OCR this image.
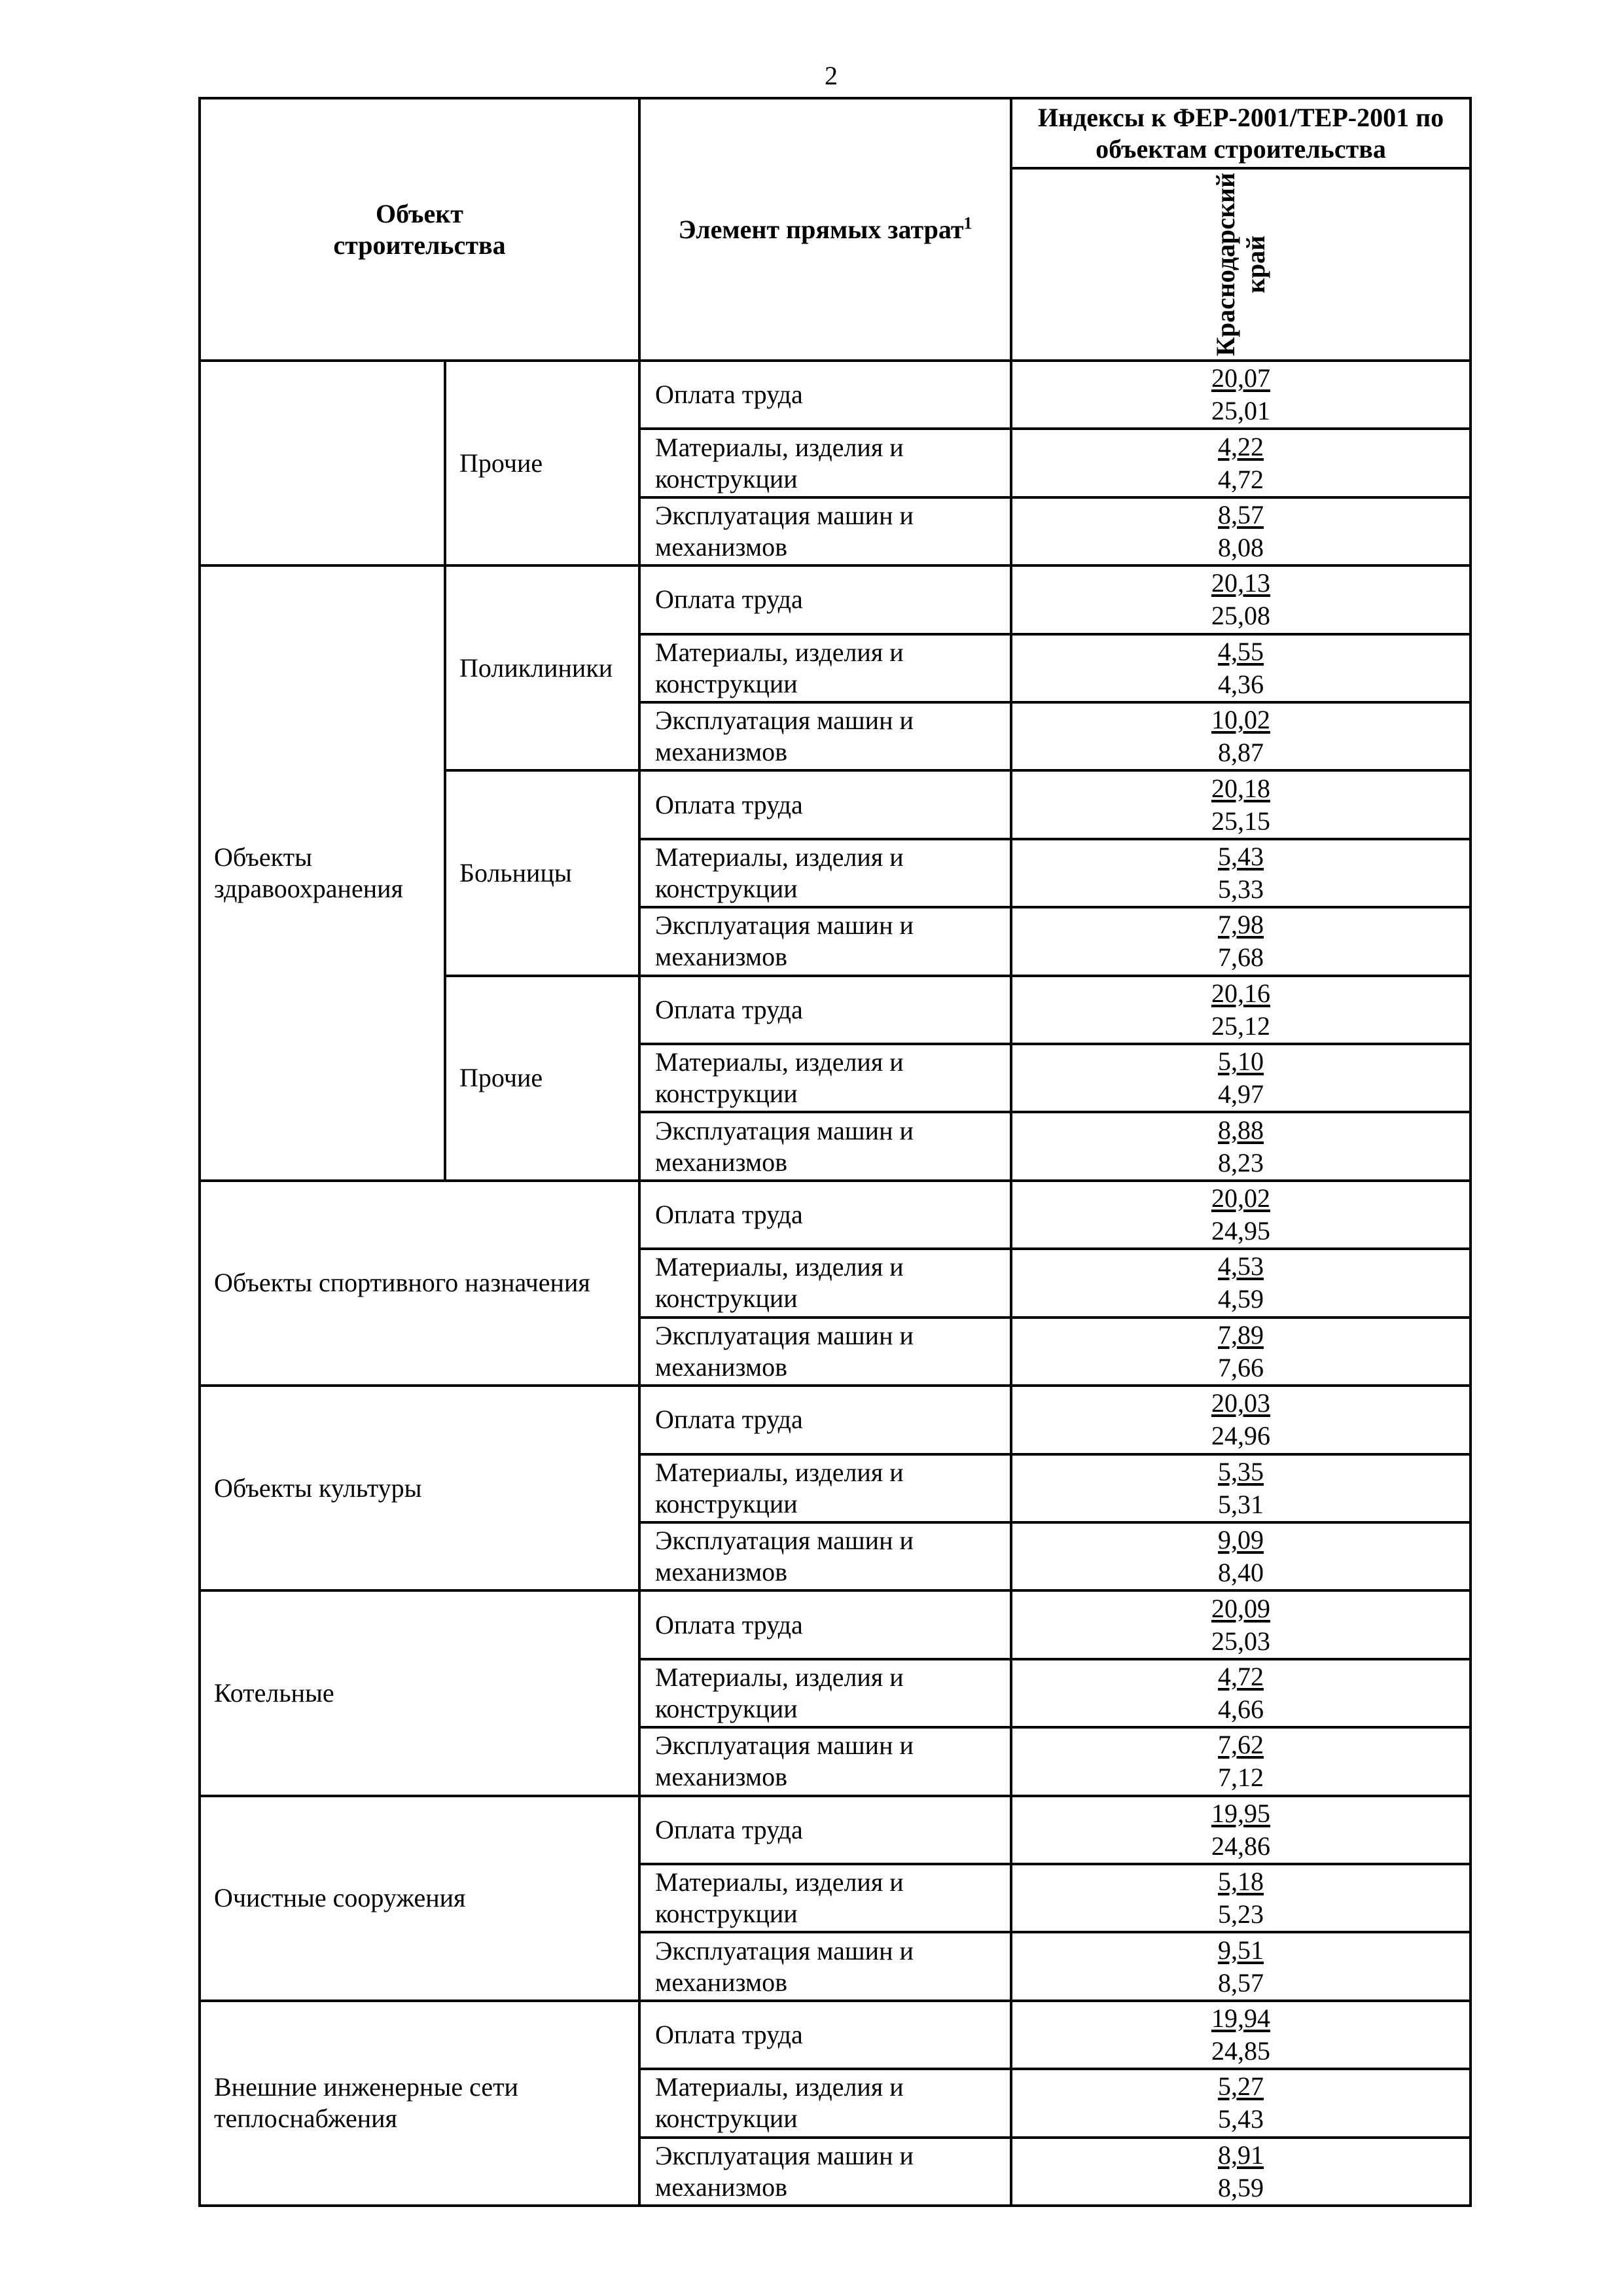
2
Объект строительства		Элемент прямых затрат$^1$	Индексы к ФЕР-2001/ТЕР-2001 по объектам строительства

			Краснодарский край

	Прочие	Оплата труда	20,07
25,01

		Материалы, изделия и конструкции	4,22
4,72

		Эксплуатация машин и механизмов	8,57
8,08

Объекты здравоохранения	Поликлиники	Оплата труда	20,13
25,08

		Материалы, изделия и конструкции	4,55
4,36

		Эксплуатация машин и механизмов	10,02
8,87

	Больницы	Оплата труда	20,18
25,15

		Материалы, изделия и конструкции	5,43
5,33

		Эксплуатация машин и механизмов	7,98
7,68

	Прочие	Оплата труда	20,16
25,12

		Материалы, изделия и конструкции	5,10
4,97

		Эксплуатация машин и механизмов	8,88
8,23

Объекты спортивного назначения		Оплата труда	20,02
24,95

		Материалы, изделия и конструкции	4,53
4,59

		Эксплуатация машин и механизмов	7,89
7,66

Объекты культуры		Оплата труда	20,03
24,96

		Материалы, изделия и конструкции	5,35
5,31

		Эксплуатация машин и механизмов	9,09
8,40

Котельные		Оплата труда	20,09
25,03

		Материалы, изделия и конструкции	4,72
4,66

		Эксплуатация машин и механизмов	7,62
7,12

Очистные сооружения		Оплата труда	19,95
24,86

		Материалы, изделия и конструкции	5,18
5,23

		Эксплуатация машин и механизмов	9,51
8,57

Внешние инженерные сети теплоснабжения		Оплата труда	19,94
24,85

		Материалы, изделия и конструкции	5,27
5,43

		Эксплуатация машин и механизмов	8,91
8,59
